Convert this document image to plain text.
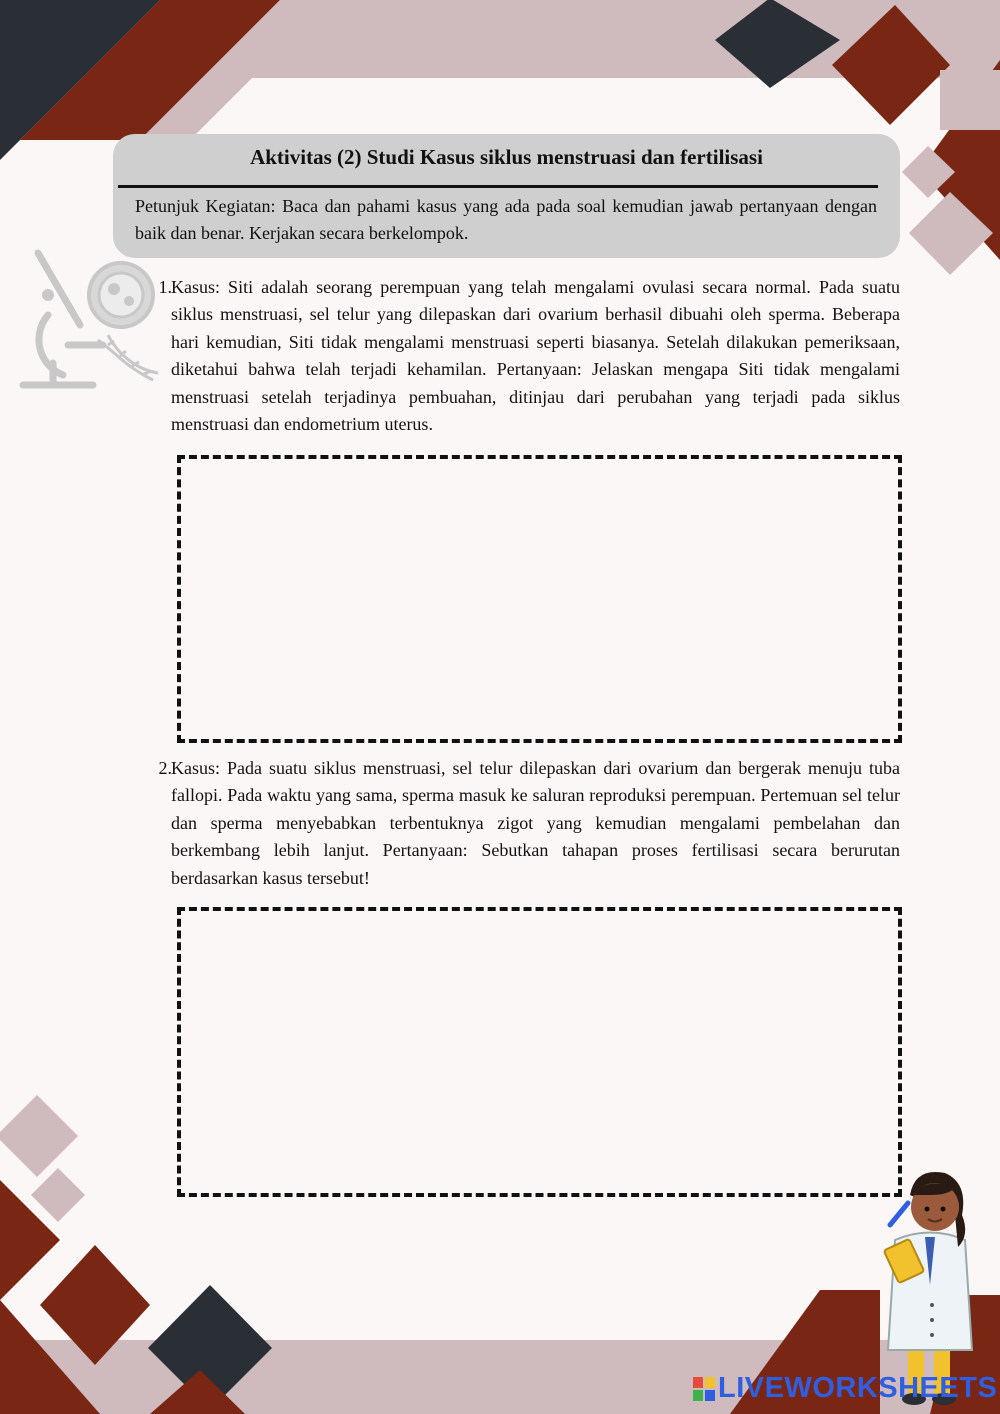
Aktivitas (2) Studi Kasus siklus menstruasi dan fertilisasi
Petunjuk Kegiatan: Baca dan pahami kasus yang ada pada soal kemudian jawab pertanyaan dengan baik dan benar. Kerjakan secara berkelompok.
1. Kasus: Siti adalah seorang perempuan yang telah mengalami ovulasi secara normal. Pada suatu siklus menstruasi, sel telur yang dilepaskan dari ovarium berhasil dibuahi oleh sperma. Beberapa hari kemudian, Siti tidak mengalami menstruasi seperti biasanya. Setelah dilakukan pemeriksaan, diketahui bahwa telah terjadi kehamilan. Pertanyaan: Jelaskan mengapa Siti tidak mengalami menstruasi setelah terjadinya pembuahan, ditinjau dari perubahan yang terjadi pada siklus menstruasi dan endometrium uterus.
2. Kasus: Pada suatu siklus menstruasi, sel telur dilepaskan dari ovarium dan bergerak menuju tuba fallopi. Pada waktu yang sama, sperma masuk ke saluran reproduksi perempuan. Pertemuan sel telur dan sperma menyebabkan terbentuknya zigot yang kemudian mengalami pembelahan dan berkembang lebih lanjut. Pertanyaan: Sebutkan tahapan proses fertilisasi secara berurutan berdasarkan kasus tersebut!
LIVEWORKSHEETS
